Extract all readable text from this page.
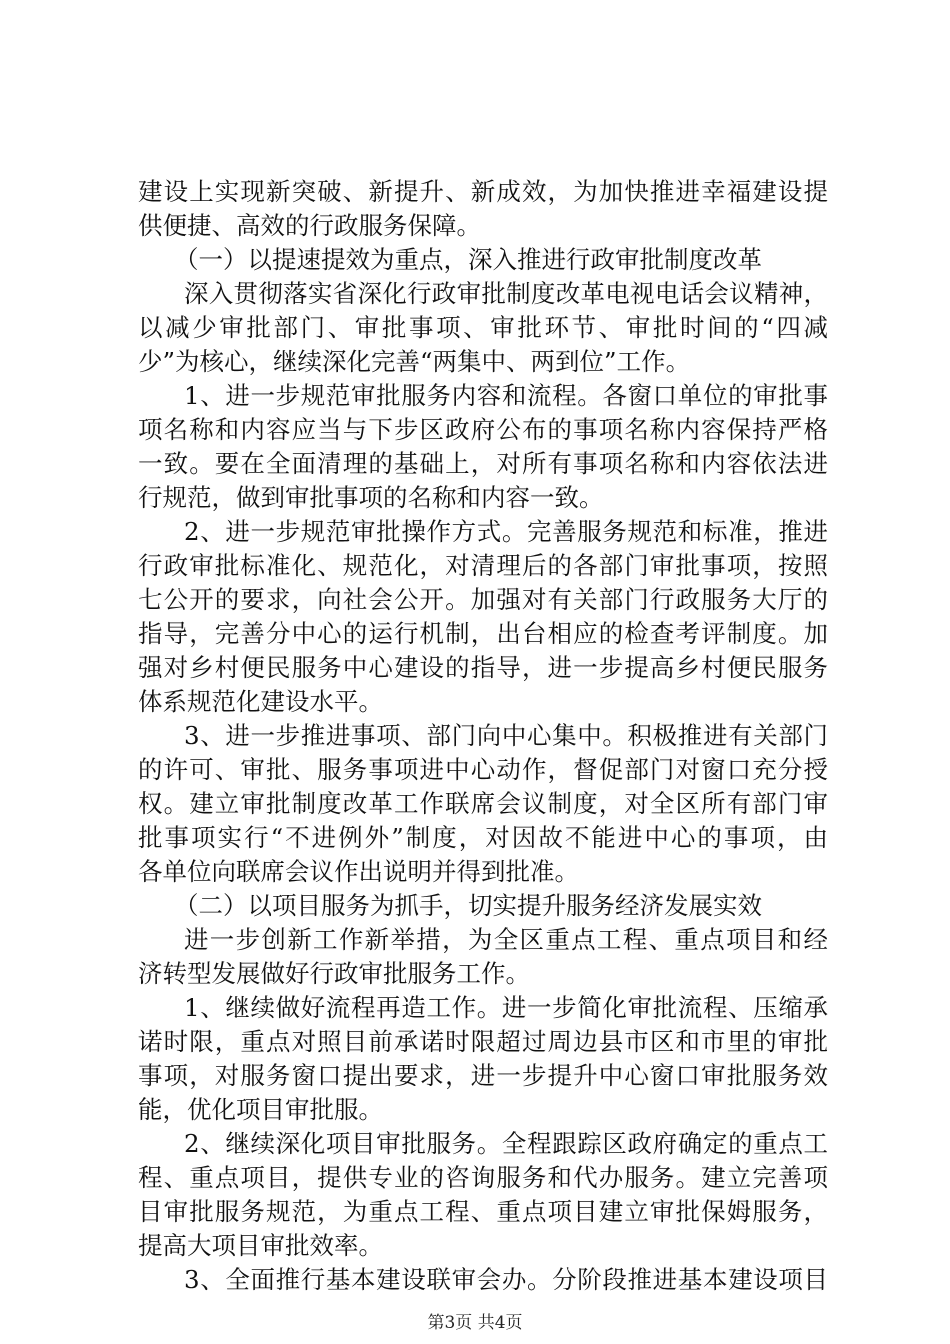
建设上实现新突破、新提升、新成效，为加快推进幸福建设提
供便捷、高效的行政服务保障。
（一）以提速提效为重点，深入推进行政审批制度改革
深入贯彻落实省深化行政审批制度改革电视电话会议精神，
以减少审批部门、审批事项、审批环节、审批时间的“四减
少”为核心，继续深化完善“两集中、两到位”工作。
1、进一步规范审批服务内容和流程。各窗口单位的审批事
项名称和内容应当与下步区政府公布的事项名称内容保持严格
一致。要在全面清理的基础上，对所有事项名称和内容依法进
行规范，做到审批事项的名称和内容一致。
2、进一步规范审批操作方式。完善服务规范和标准，推进
行政审批标准化、规范化，对清理后的各部门审批事项，按照
七公开的要求，向社会公开。加强对有关部门行政服务大厅的
指导，完善分中心的运行机制，出台相应的检查考评制度。加
强对乡村便民服务中心建设的指导，进一步提高乡村便民服务
体系规范化建设水平。
3、进一步推进事项、部门向中心集中。积极推进有关部门
的许可、审批、服务事项进中心动作，督促部门对窗口充分授
权。建立审批制度改革工作联席会议制度，对全区所有部门审
批事项实行“不进例外”制度，对因故不能进中心的事项，由
各单位向联席会议作出说明并得到批准。
（二）以项目服务为抓手，切实提升服务经济发展实效
进一步创新工作新举措，为全区重点工程、重点项目和经
济转型发展做好行政审批服务工作。
1、继续做好流程再造工作。进一步简化审批流程、压缩承
诺时限，重点对照目前承诺时限超过周边县市区和市里的审批
事项，对服务窗口提出要求，进一步提升中心窗口审批服务效
能，优化项目审批服。
2、继续深化项目审批服务。全程跟踪区政府确定的重点工
程、重点项目，提供专业的咨询服务和代办服务。建立完善项
目审批服务规范，为重点工程、重点项目建立审批保姆服务，
提高大项目审批效率。
3、全面推行基本建设联审会办。分阶段推进基本建设项目
第3页 共4页
